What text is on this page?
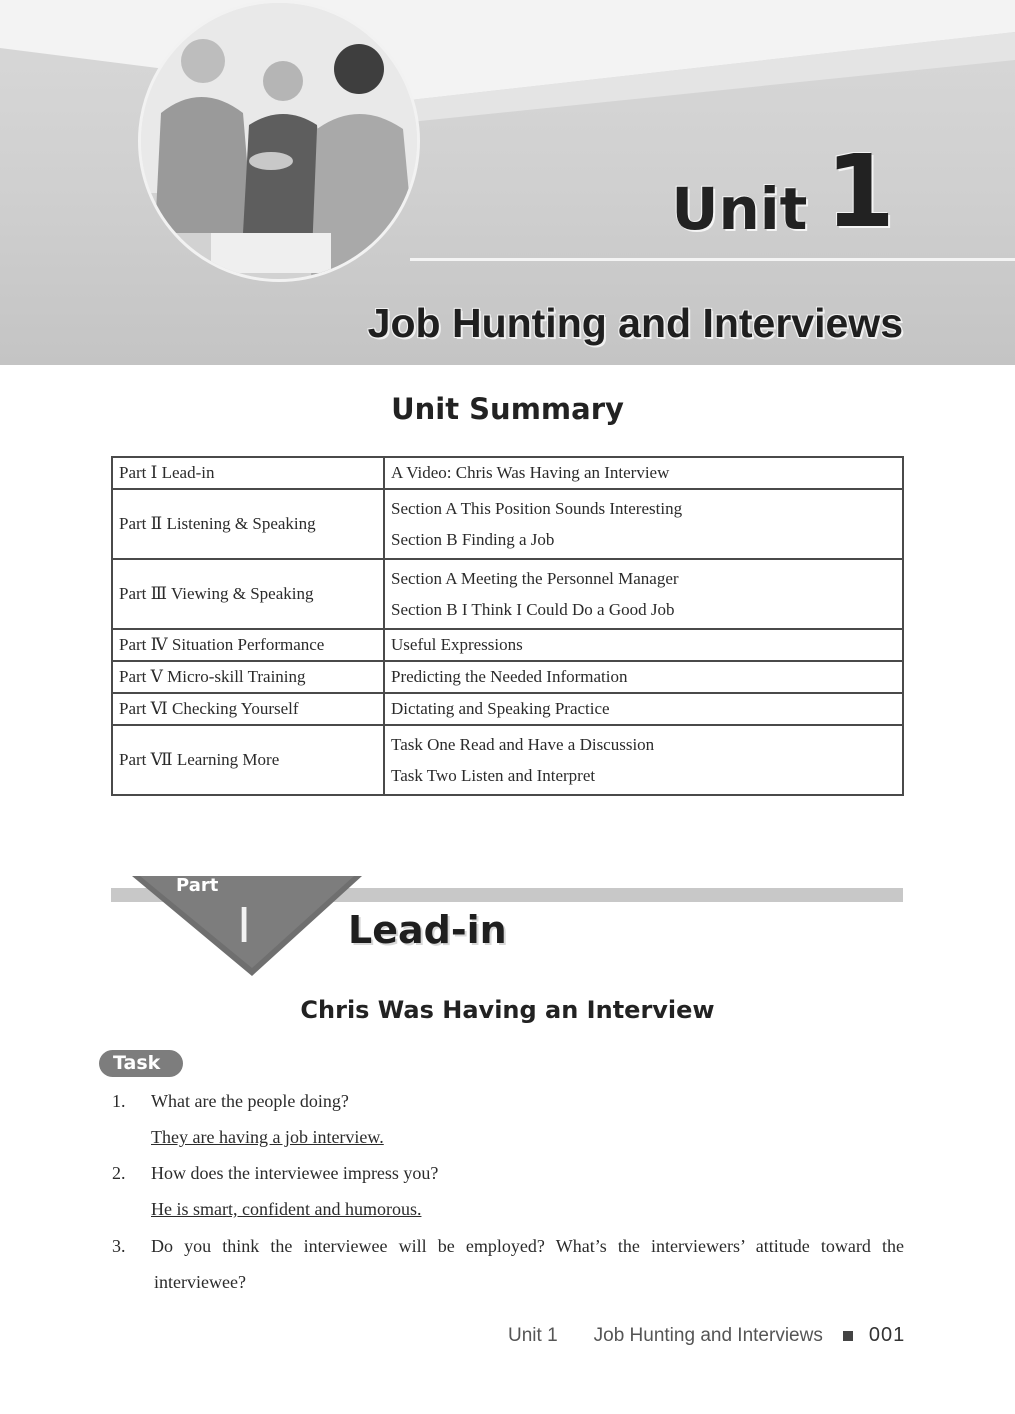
Unit 1
Job Hunting and Interviews
Unit Summary
Part Ⅰ Lead-in	A Video: Chris Was Having an Interview

Part Ⅱ Listening & Speaking	Section A This Position Sounds Interesting
Section B Finding a Job

Part Ⅲ Viewing & Speaking	Section A Meeting the Personnel Manager
Section B I Think I Could Do a Good Job

Part Ⅳ Situation Performance	Useful Expressions

Part Ⅴ Micro-skill Training	Predicting the Needed Information

Part Ⅵ Checking Yourself	Dictating and Speaking Practice

Part Ⅶ Learning More	Task One Read and Have a Discussion
Task Two Listen and Interpret
Part
Ⅰ	Lead-in
Chris Was Having an Interview
Task
1. What are the people doing?
They are having a job interview.
2. How does the interviewee impress you?
He is smart, confident and humorous.
3. Do you think the interviewee will be employed? What’s the interviewers’ attitude toward the
interviewee?
Unit 1 Job Hunting and Interviews 001
